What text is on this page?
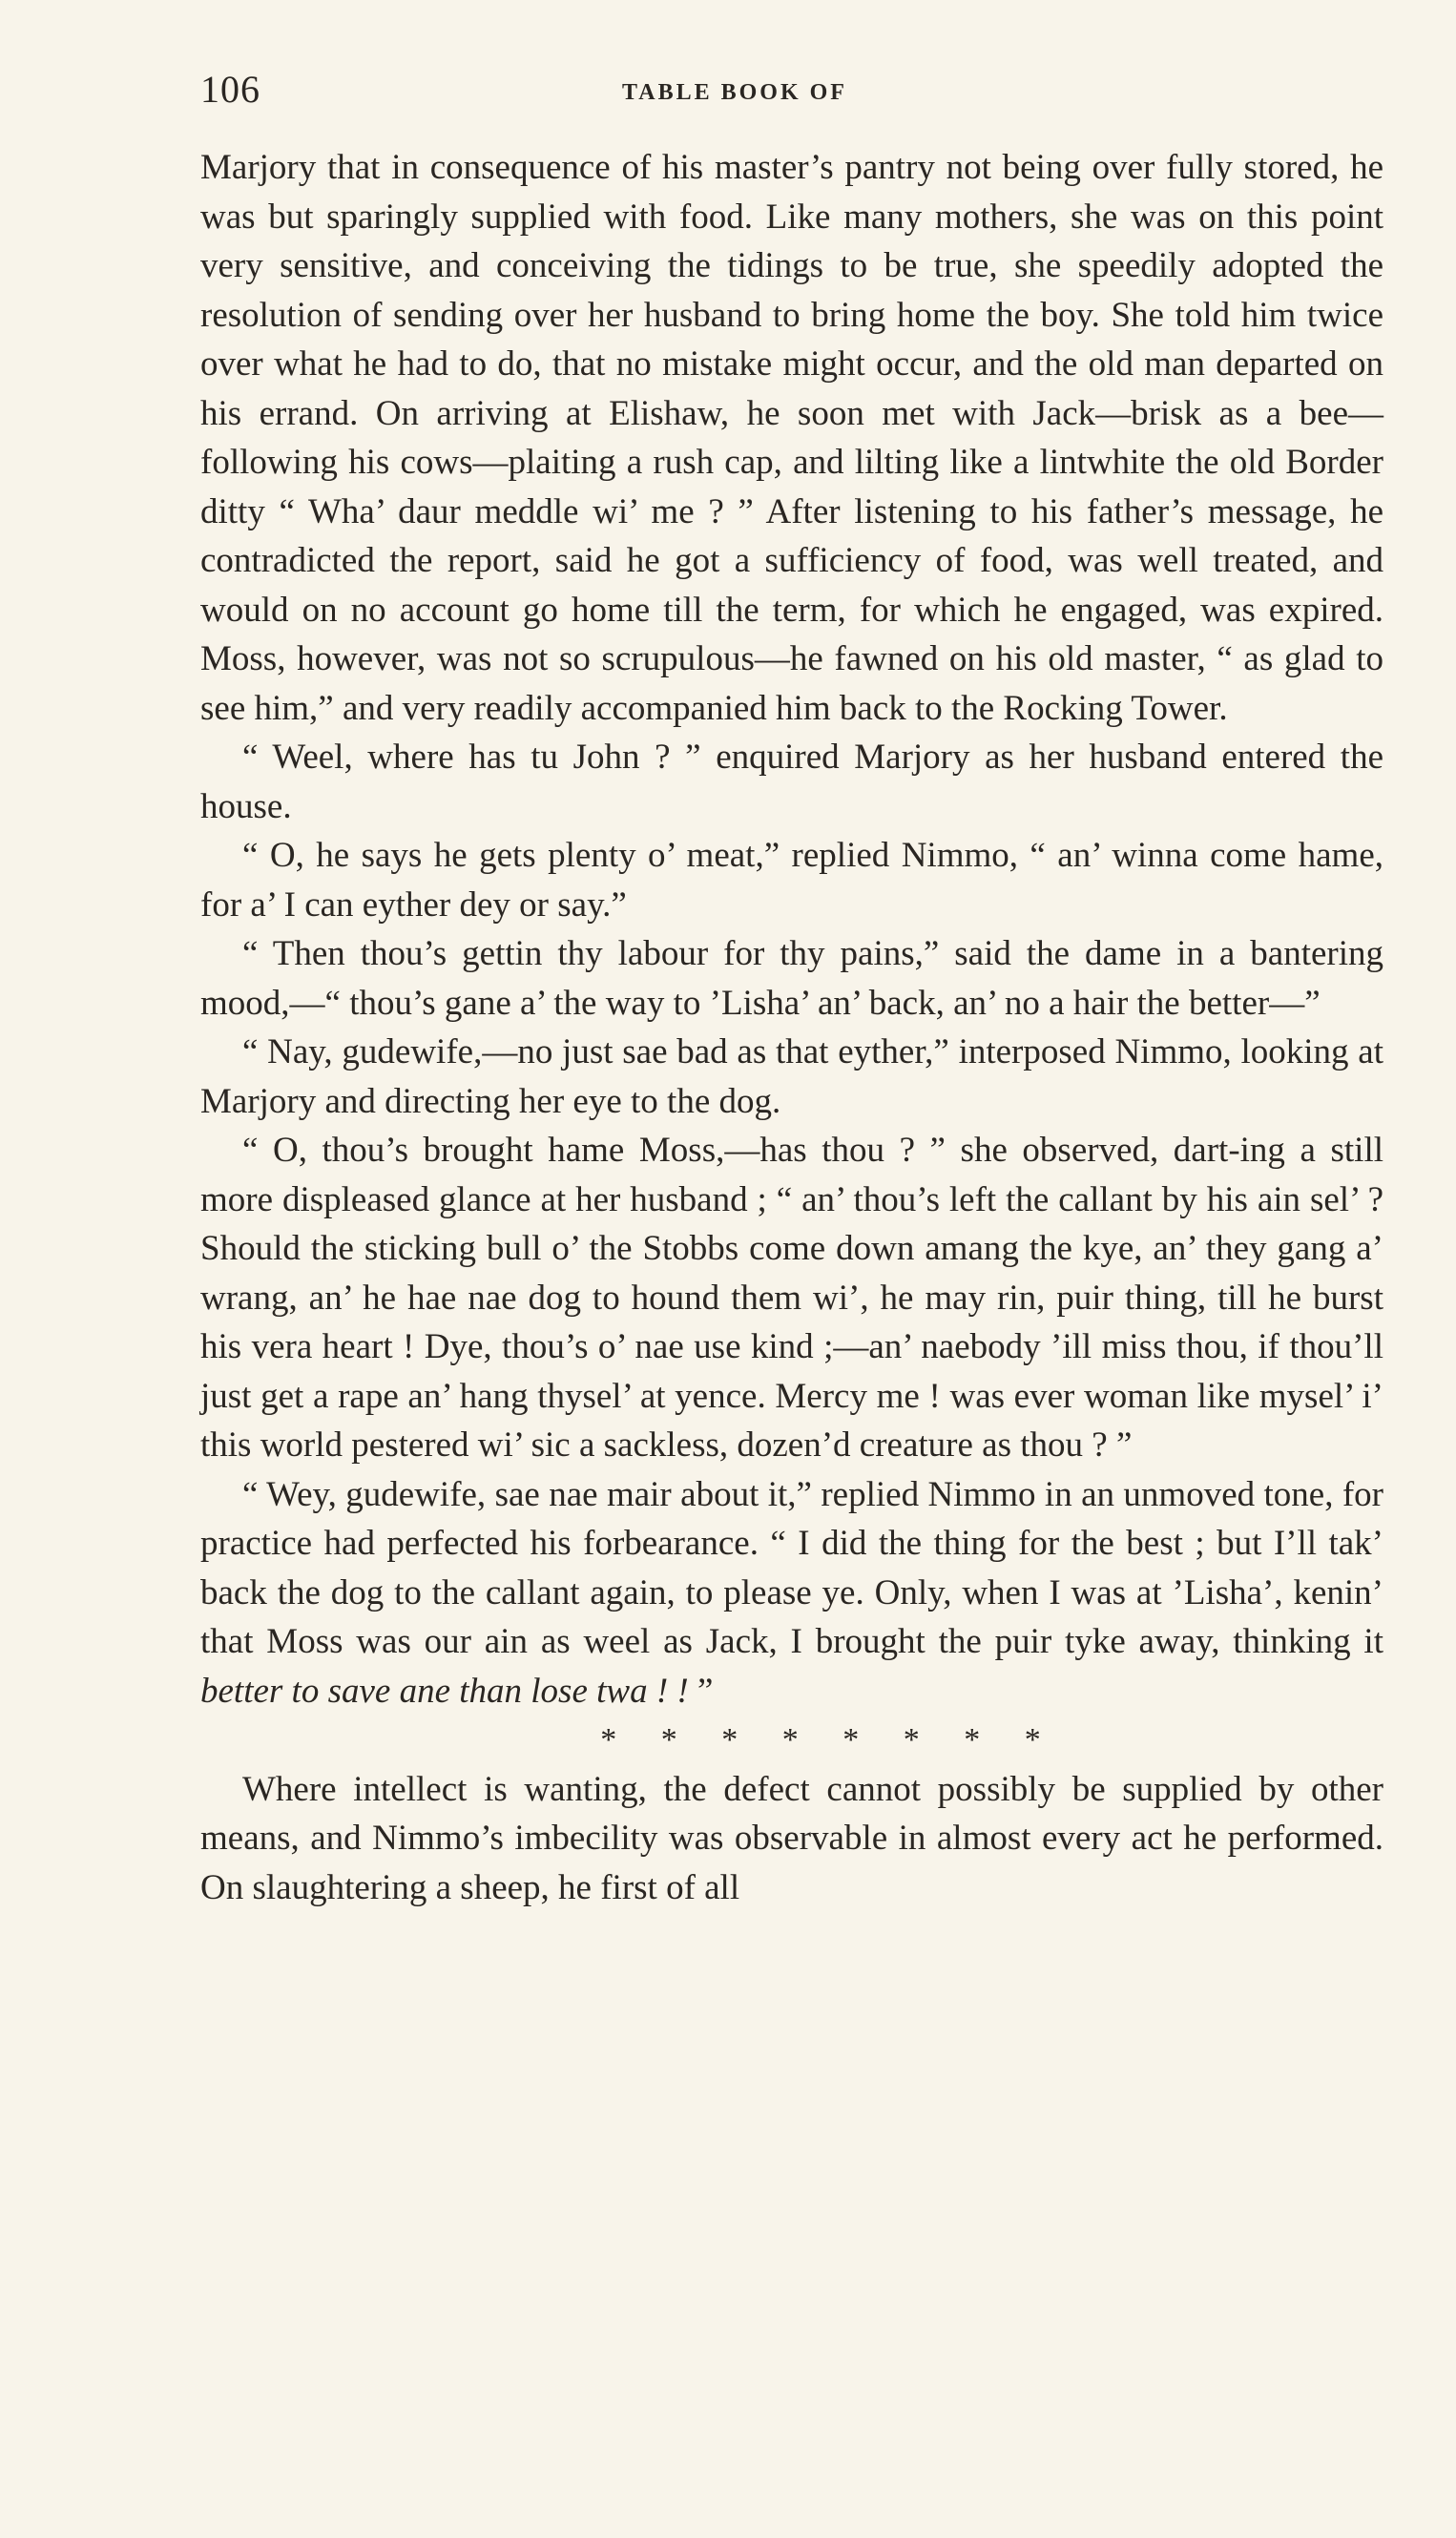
106	TABLE BOOK OF

Marjory that in consequence of his master’s pantry not being over fully stored, he was but sparingly supplied with food. Like many mothers, she was on this point very sensitive, and conceiving the tidings to be true, she speedily adopted the resolution of sending over her husband to bring home the boy. She told him twice over what he had to do, that no mistake might occur, and the old man departed on his errand. On arriving at Elishaw, he soon met with Jack—brisk as a bee—following his cows—plaiting a rush cap, and lilting like a lintwhite the old Border ditty “ Wha’ daur meddle wi’ me ? ” After listening to his father’s message, he contradicted the report, said he got a sufficiency of food, was well treated, and would on no account go home till the term, for which he engaged, was expired. Moss, however, was not so scrupulous—he fawned on his old master, “ as glad to see him,” and very readily accompanied him back to the Rocking Tower.

“ Weel, where has tu John ? ” enquired Marjory as her husband entered the house.

“ O, he says he gets plenty o’ meat,” replied Nimmo, “ an’ winna come hame, for a’ I can eyther dey or say.”

“ Then thou’s gettin thy labour for thy pains,” said the dame in a bantering mood,—“ thou’s gane a’ the way to ’Lisha’ an’ back, an’ no a hair the better—”

“ Nay, gudewife,—no just sae bad as that eyther,” interposed Nimmo, looking at Marjory and directing her eye to the dog.

“ O, thou’s brought hame Moss,—has thou ? ” she observed, dart-ing a still more displeased glance at her husband ; “ an’ thou’s left the callant by his ain sel’ ? Should the sticking bull o’ the Stobbs come down amang the kye, an’ they gang a’ wrang, an’ he hae nae dog to hound them wi’, he may rin, puir thing, till he burst his vera heart ! Dye, thou’s o’ nae use kind ;—an’ naebody ’ill miss thou, if thou’ll just get a rape an’ hang thysel’ at yence. Mercy me ! was ever woman like mysel’ i’ this world pestered wi’ sic a sackless, dozen’d creature as thou ? ”

“ Wey, gudewife, sae nae mair about it,” replied Nimmo in an unmoved tone, for practice had perfected his forbearance. “ I did the thing for the best ; but I’ll tak’ back the dog to the callant again, to please ye. Only, when I was at ’Lisha’, kenin’ that Moss was our ain as weel as Jack, I brought the puir tyke away, thinking it better to save ane than lose twa ! ! ”

* * * * * * * *

Where intellect is wanting, the defect cannot possibly be supplied by other means, and Nimmo’s imbecility was observable in almost every act he performed. On slaughtering a sheep, he first of all
